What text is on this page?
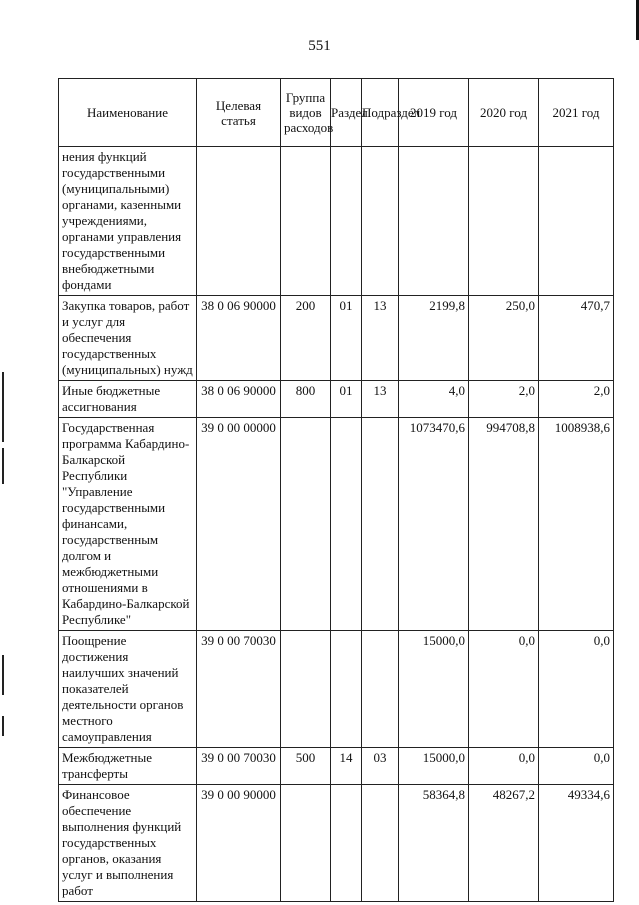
551
Наименование	Целевая статья	Группа видов расходов	Раздел	Подраздел	2019 год	2020 год	2021 год
нения функций государственными (муниципальными) органами, казенными учреждениями, органами управления государственными внебюджетными фондами							
Закупка товаров, работ и услуг для обеспечения государственных (муниципальных) нужд	38 0 06 90000	200	01	13	2199,8	250,0	470,7
Иные бюджетные ассигнования	38 0 06 90000	800	01	13	4,0	2,0	2,0
Государственная программа Кабардино-Балкарской Республики "Управление государственными финансами, государственным долгом и межбюджетными отношениями в Кабардино-Балкарской Республике"	39 0 00 00000				1073470,6	994708,8	1008938,6
Поощрение достижения наилучших значений показателей деятельности органов местного самоуправления	39 0 00 70030				15000,0	0,0	0,0
Межбюджетные трансферты	39 0 00 70030	500	14	03	15000,0	0,0	0,0
Финансовое обеспечение выполнения функций государственных органов, оказания услуг и выполнения работ	39 0 00 90000				58364,8	48267,2	49334,6
